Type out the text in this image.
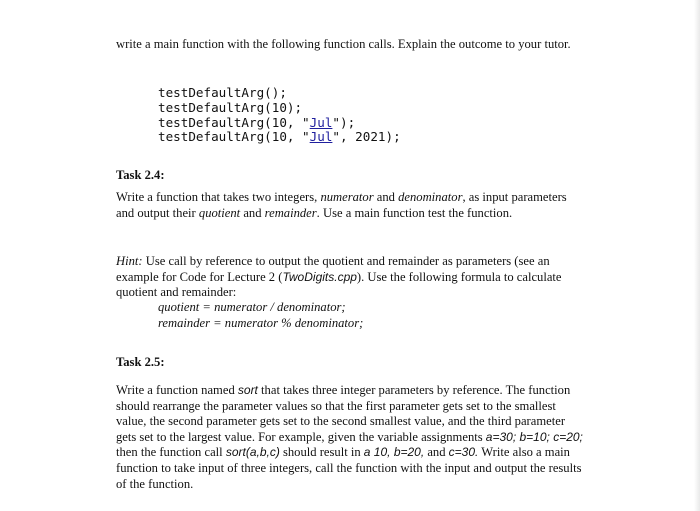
write a main function with the following function calls. Explain the outcome to your tutor.
testDefaultArg();
testDefaultArg(10);
testDefaultArg(10, "Jul");
testDefaultArg(10, "Jul", 2021);
Task 2.4:
Write a function that takes two integers, numerator and denominator, as input parameters and output their quotient and remainder. Use a main function test the function.
Hint: Use call by reference to output the quotient and remainder as parameters (see an example for Code for Lecture 2 (TwoDigits.cpp). Use the following formula to calculate quotient and remainder:
quotient = numerator / denominator;
remainder = numerator % denominator;
Task 2.5:
Write a function named sort that takes three integer parameters by reference. The function should rearrange the parameter values so that the first parameter gets set to the smallest value, the second parameter gets set to the second smallest value, and the third parameter gets set to the largest value. For example, given the variable assignments a=30; b=10; c=20; then the function call sort(a,b,c) should result in a 10, b=20, and c=30. Write also a main function to take input of three integers, call the function with the input and output the results of the function.
